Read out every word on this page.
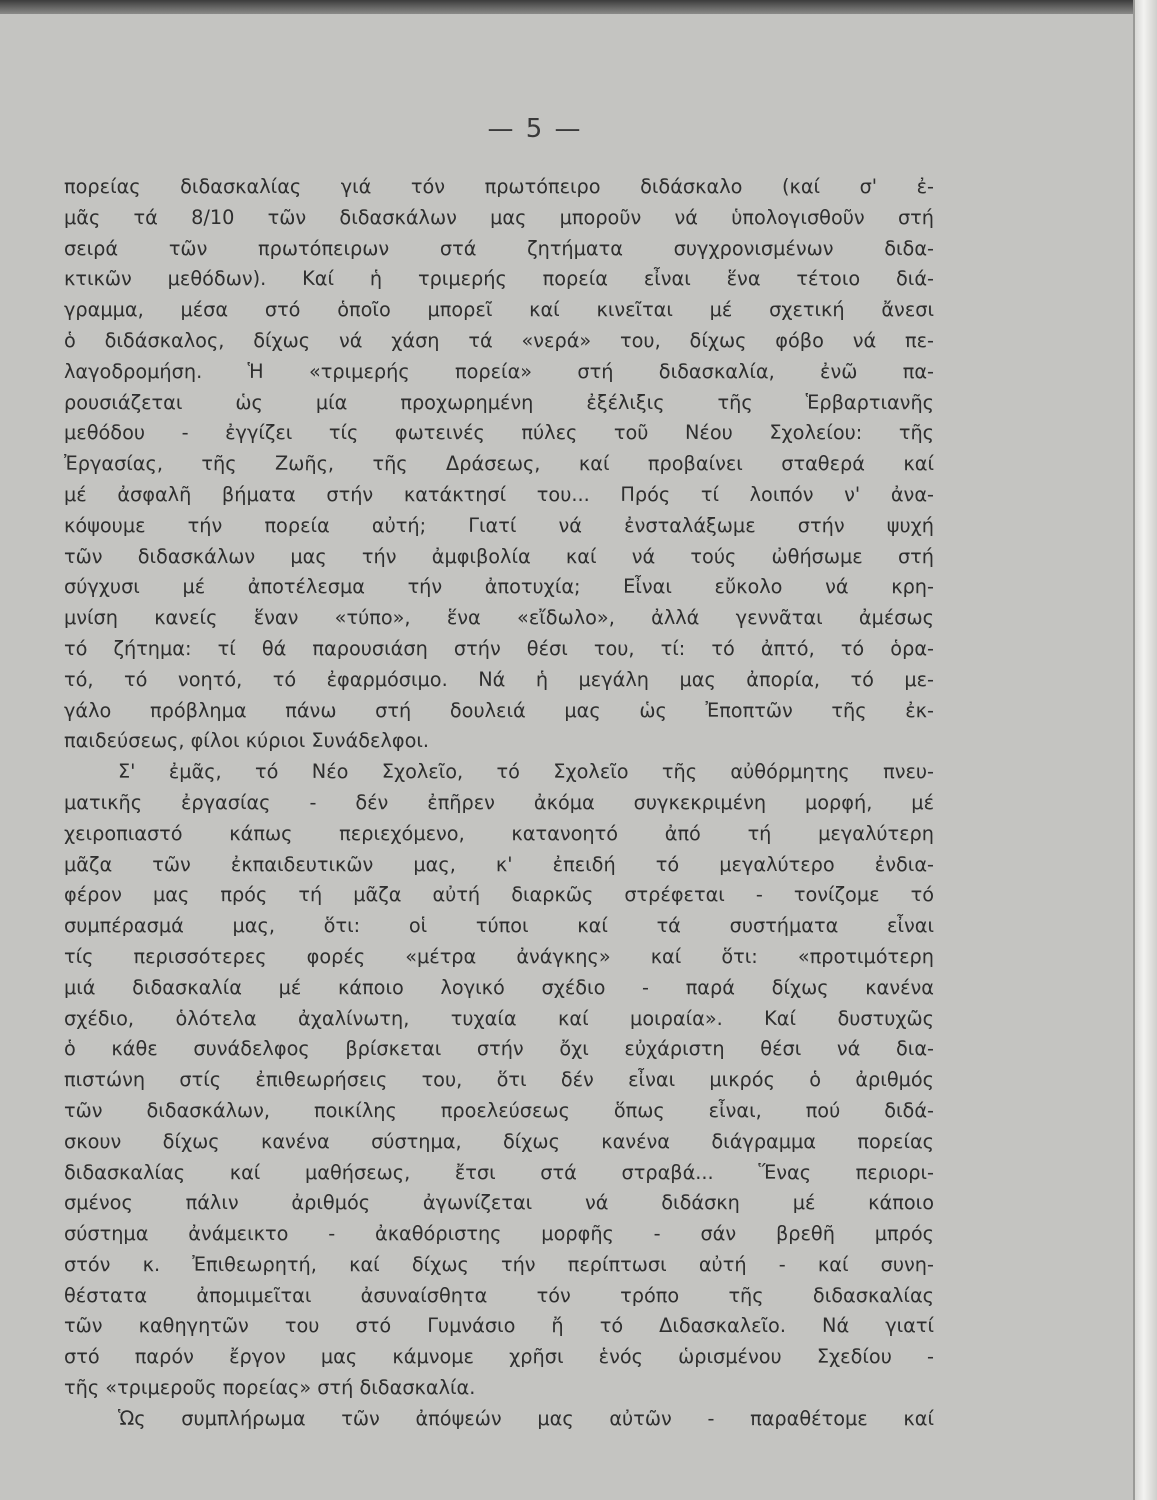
— 5 —
πορείας διδασκαλίας γιά τόν πρωτόπειρο διδάσκαλο (καί σ' ἐ-
μᾶς τά 8/10 τῶν διδασκάλων μας μποροῦν νά ὑπολογισθοῦν στή
σειρά τῶν πρωτόπειρων στά ζητήματα συγχρονισμένων διδα-
κτικῶν μεθόδων). Καί ἡ τριμερής πορεία εἶναι ἕνα τέτοιο διά-
γραμμα, μέσα στό ὁποῖο μπορεῖ καί κινεῖται μέ σχετική ἄνεσι
ὁ διδάσκαλος, δίχως νά χάση τά «νερά» του, δίχως φόβο νά πε-
λαγοδρομήση. Ἡ «τριμερής πορεία» στή διδασκαλία, ἐνῶ πα-
ρουσιάζεται ὡς μία προχωρημένη ἐξέλιξις τῆς Ἑρβαρτιανῆς
μεθόδου - ἐγγίζει τίς φωτεινές πύλες τοῦ Νέου Σχολείου: τῆς
Ἐργασίας, τῆς Ζωῆς, τῆς Δράσεως, καί προβαίνει σταθερά καί
μέ ἀσφαλῆ βήματα στήν κατάκτησί του... Πρός τί λοιπόν ν' ἀνα-
κόψουμε τήν πορεία αὐτή; Γιατί νά ἐνσταλάξωμε στήν ψυχή
τῶν διδασκάλων μας τήν ἀμφιβολία καί νά τούς ὠθήσωμε στή
σύγχυσι μέ ἀποτέλεσμα τήν ἀποτυχία; Εἶναι εὔκολο νά κρη-
μνίση κανείς ἕναν «τύπο», ἕνα «εἴδωλο», ἀλλά γεννᾶται ἀμέσως
τό ζήτημα: τί θά παρουσιάση στήν θέσι του, τί: τό ἀπτό, τό ὁρα-
τό, τό νοητό, τό ἐφαρμόσιμο. Νά ἡ μεγάλη μας ἀπορία, τό με-
γάλο πρόβλημα πάνω στή δουλειά μας ὡς Ἐποπτῶν τῆς ἐκ-
παιδεύσεως, φίλοι κύριοι Συνάδελφοι.
Σ' ἐμᾶς, τό Νέο Σχολεῖο, τό Σχολεῖο τῆς αὐθόρμητης πνευ-
ματικῆς ἐργασίας - δέν ἐπῆρεν ἀκόμα συγκεκριμένη μορφή, μέ
χειροπιαστό κάπως περιεχόμενο, κατανοητό ἀπό τή μεγαλύτερη
μᾶζα τῶν ἐκπαιδευτικῶν μας, κ' ἐπειδή τό μεγαλύτερο ἐνδια-
φέρον μας πρός τή μᾶζα αὐτή διαρκῶς στρέφεται - τονίζομε τό
συμπέρασμά μας, ὅτι: οἱ τύποι καί τά συστήματα εἶναι
τίς περισσότερες φορές «μέτρα ἀνάγκης» καί ὅτι: «προτιμότερη
μιά διδασκαλία μέ κάποιο λογικό σχέδιο - παρά δίχως κανένα
σχέδιο, ὁλότελα ἀχαλίνωτη, τυχαία καί μοιραία». Καί δυστυχῶς
ὁ κάθε συνάδελφος βρίσκεται στήν ὄχι εὐχάριστη θέσι νά δια-
πιστώνη στίς ἐπιθεωρήσεις του, ὅτι δέν εἶναι μικρός ὁ ἀριθμός
τῶν διδασκάλων, ποικίλης προελεύσεως ὅπως εἶναι, πού διδά-
σκουν δίχως κανένα σύστημα, δίχως κανένα διάγραμμα πορείας
διδασκαλίας καί μαθήσεως, ἔτσι στά στραβά... Ἕνας περιορι-
σμένος πάλιν ἀριθμός ἀγωνίζεται νά διδάσκη μέ κάποιο
σύστημα ἀνάμεικτο - ἀκαθόριστης μορφῆς - σάν βρεθῆ μπρός
στόν κ. Ἐπιθεωρητή, καί δίχως τήν περίπτωσι αὐτή - καί συνη-
θέστατα ἀπομιμεῖται ἀσυναίσθητα τόν τρόπο τῆς διδασκαλίας
τῶν καθηγητῶν του στό Γυμνάσιο ἤ τό Διδασκαλεῖο. Νά γιατί
στό παρόν ἔργον μας κάμνομε χρῆσι ἑνός ὡρισμένου Σχεδίου -
τῆς «τριμεροῦς πορείας» στή διδασκαλία.
Ὡς συμπλήρωμα τῶν ἀπόψεών μας αὐτῶν - παραθέτομε καί
